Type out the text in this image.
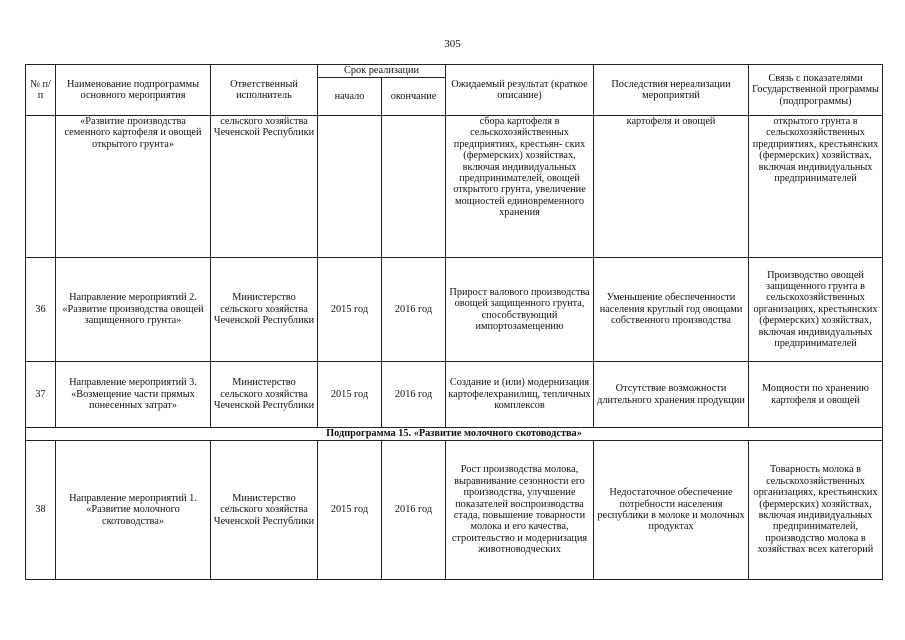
305
№ п/п	Наименование подпрограммы основного мероприятия	Ответственный исполнитель	Срок реализации		Ожидаемый результат (краткое описание)	Последствия нереализации мероприятий	Связь с показателями Государственной программы (подпрограммы)
			начало	окончание			
	«Развитие производства семенного картофеля и овощей открытого грунта»	сельского хозяйства Чеченской Республики			сбора картофеля в сельскохозяйственных предприятиях, крестьян- ских (фермерских) хозяйствах, включая индивидуальных предпринимателей, овощей открытого грунта, увеличение мощностей единовременного хранения	картофеля и овощей	открытого грунта в сельскохозяйственных предприятиях, крестьянских (фермерских) хозяйствах, включая индивидуальных предпринимателей
36	Направление мероприятий 2. «Развитие производства овощей защищенного грунта»	Министерство сельского хозяйства Чеченской Республики	2015 год	2016 год	Прирост валового производства овощей защищенного грунта, способствующий импортозамещению	Уменьшение обеспеченности населения круглый год овощами собственного производства	Производство овощей защищенного грунта в сельскохозяйственных организациях, крестьянских (фермерских) хозяйствах, включая индивидуальных предпринимателей
37	Направление мероприятий 3. «Возмещение части прямых понесенных затрат»	Министерство сельского хозяйства Чеченской Республики	2015 год	2016 год	Создание и (или) модернизация картофелехранилищ, тепличных комплексов	Отсутствие возможности длительного хранения продукции	Мощности по хранению картофеля и овощей
Подпрограмма 15. «Развитие молочного скотоводства»							
38	Направление мероприятий 1. «Развитие молочного скотоводства»	Министерство сельского хозяйства Чеченской Республики	2015 год	2016 год	Рост производства молока, выравнивание сезонности его производства, улучшение показателей воспроизводства стада, повышение товарности молока и его качества, строительство и модернизация животноводческих	Недостаточное обеспечение потребности населения республики в молоке и молочных продуктах	Товарность молока в сельскохозяйственных организациях, крестьянских (фермерских) хозяйствах, включая индивидуальных предпринимателей, производство молока в хозяйствах всех категорий
